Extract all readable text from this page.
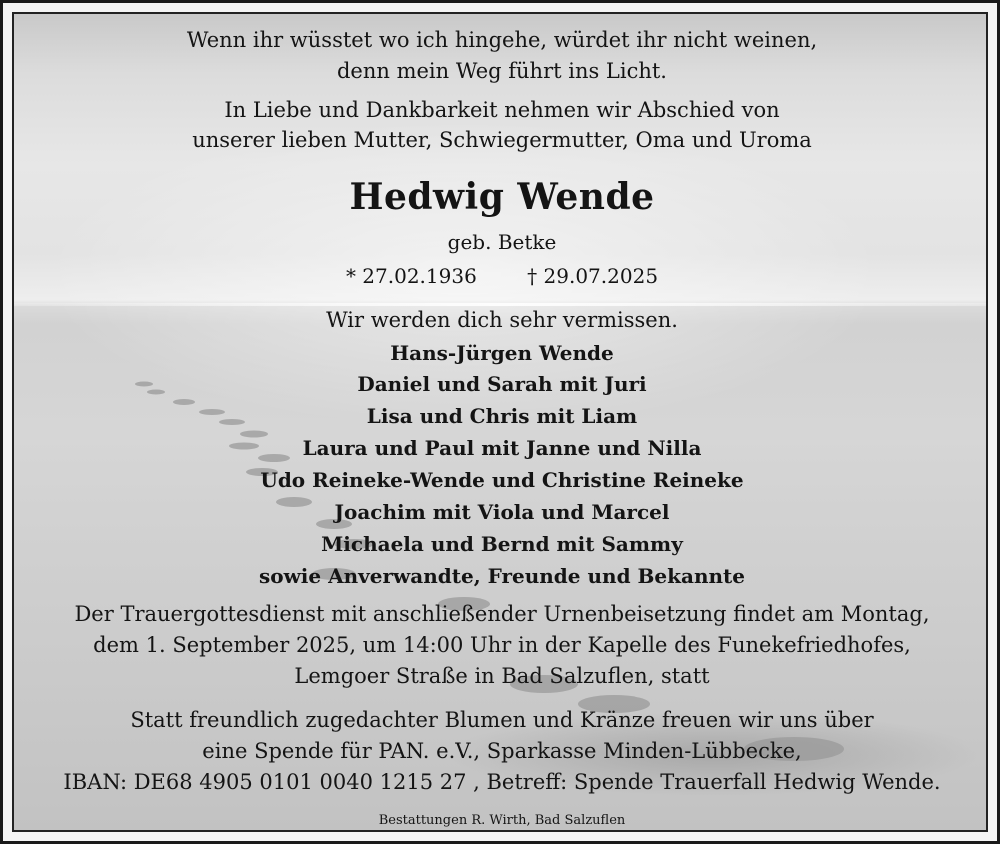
Wenn ihr wüsstet wo ich hingehe, würdet ihr nicht weinen,
denn mein Weg führt ins Licht.
In Liebe und Dankbarkeit nehmen wir Abschied von
unserer lieben Mutter, Schwiegermutter, Oma und Uroma
Hedwig Wende
geb. Betke
* 27.02.1936	† 29.07.2025
Wir werden dich sehr vermissen.
Hans-Jürgen Wende
Daniel und Sarah mit Juri
Lisa und Chris mit Liam
Laura und Paul mit Janne und Nilla
Udo Reineke-Wende und Christine Reineke
Joachim mit Viola und Marcel
Michaela und Bernd mit Sammy
sowie Anverwandte, Freunde und Bekannte
Der Trauergottesdienst mit anschließender Urnenbeisetzung findet am Montag,
dem 1. September 2025, um 14:00 Uhr in der Kapelle des Funekefriedhofes,
Lemgoer Straße in Bad Salzuflen, statt
Statt freundlich zugedachter Blumen und Kränze freuen wir uns über
eine Spende für PAN. e.V., Sparkasse Minden-Lübbecke,
IBAN: DE68 4905 0101 0040 1215 27 , Betreff: Spende Trauerfall Hedwig Wende.
Bestattungen R. Wirth, Bad Salzuflen
